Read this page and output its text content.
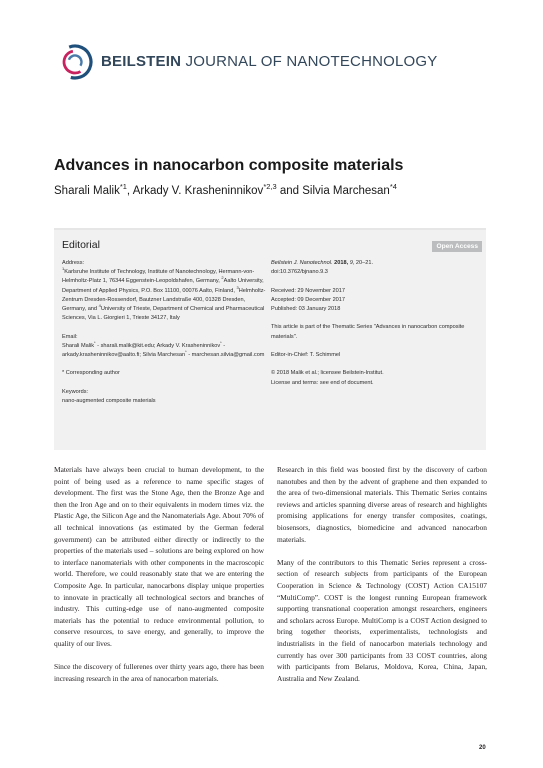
BEILSTEIN JOURNAL OF NANOTECHNOLOGY
Advances in nanocarbon composite materials
Sharali Malik$^{*1}$, Arkady V. Krasheninnikov$^{*2,3}$ and Silvia Marchesan$^{*4}$
Editorial	Open Access
Address:
$^1$Karlsruhe Institute of Technology, Institute of Nanotechnology, Hermann-von-Helmholtz-Platz 1, 76344 Eggenstein-Leopoldshafen, Germany, $^2$Aalto University, Department of Applied Physics, P.O. Box 11100, 00076 Aalto, Finland, $^3$Helmholtz-Zentrum Dresden-Rossendorf, Bautzner Landstraße 400, 01328 Dresden, Germany, and $^4$University of Trieste, Department of Chemical and Pharmaceutical Sciences, Via L. Giorgieri 1, Trieste 34127, Italy
Email:
Sharali Malik* - sharali.malik@kit.edu; Arkady V. Krasheninnikov* - arkady.krasheninnikov@aalto.fi; Silvia Marchesan* - marchesan.silvia@gmail.com
* Corresponding author
Keywords:
nano-augmented composite materials
Beilstein J. Nanotechnol. 2018, 9, 20–21.
doi:10.3762/bjnano.9.3
Received: 29 November 2017
Accepted: 09 December 2017
Published: 03 January 2018
This article is part of the Thematic Series "Advances in nanocarbon composite materials".
Editor-in-Chief: T. Schimmel
© 2018 Malik et al.; licensee Beilstein-Institut.
License and terms: see end of document.
Materials have always been crucial to human development, to the point of being used as a reference to name specific stages of development. The first was the Stone Age, then the Bronze Age and then the Iron Age and on to their equivalents in modern times viz. the Plastic Age, the Silicon Age and the Nanomaterials Age. About 70% of all technical innovations (as estimated by the German federal government) can be attributed either directly or indirectly to the properties of the materials used – solutions are being explored on how to interface nanomaterials with other components in the macroscopic world. Therefore, we could reasonably state that we are entering the Composite Age. In particular, nanocarbons display unique properties to innovate in practically all technological sectors and branches of industry. This cutting-edge use of nano-augmented composite materials has the potential to reduce environmental pollution, to conserve resources, to save energy, and generally, to improve the quality of our lives.
Since the discovery of fullerenes over thirty years ago, there has been increasing research in the area of nanocarbon materials.
Research in this field was boosted first by the discovery of carbon nanotubes and then by the advent of graphene and then expanded to the area of two-dimensional materials. This Thematic Series contains reviews and articles spanning diverse areas of research and highlights promising applications for energy transfer composites, coatings, biosensors, diagnostics, biomedicine and advanced nanocarbon materials.
Many of the contributors to this Thematic Series represent a cross-section of research subjects from participants of the European Cooperation in Science & Technology (COST) Action CA15107 “MultiComp”. COST is the longest running European framework supporting transnational cooperation amongst researchers, engineers and scholars across Europe. MultiComp is a COST Action designed to bring together theorists, experimentalists, technologists and industrialists in the field of nanocarbon materials technology and currently has over 300 participants from 33 COST countries, along with participants from Belarus, Moldova, Korea, China, Japan, Australia and New Zealand.
20
